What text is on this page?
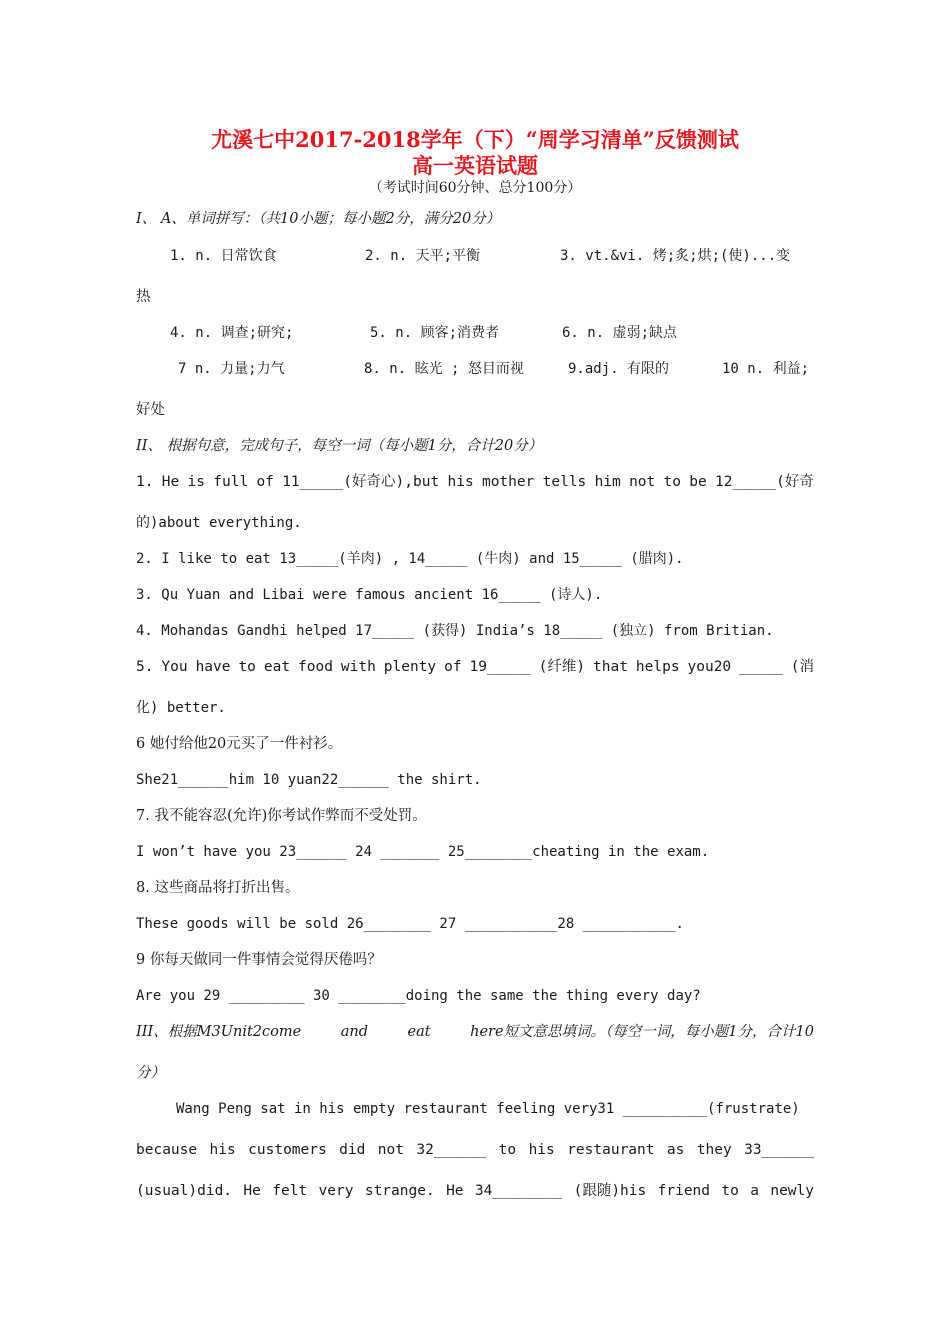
尤溪七中2017-2018学年（下）“周学习清单”反馈测试
高一英语试题
（考试时间60分钟、总分100分）
I、 A、单词拼写：（共10小题；每小题2分，满分20分）
1. n. 日常饮食	2. n. 天平;平衡	3. vt.&vi. 烤;炙;烘;(使)...变
热
4. n. 调查;研究;	5. n. 顾客;消费者	6. n. 虚弱;缺点
7 n. 力量;力气	8. n. 眩光 ; 怒目而视	9.adj. 有限的	10 n. 利益;
好处
II、 根据句意，完成句子，每空一词（每小题1分，合计20分）
1. He is full of 11_____(好奇心),but his mother tells him not to be 12_____(好奇
的)about everything.
2. I like to eat 13_____(羊肉) , 14_____ (牛肉) and 15_____ (腊肉).
3. Qu Yuan and Libai were famous ancient 16_____ (诗人).
4. Mohandas Gandhi helped 17_____ (获得) India’s 18_____ (独立) from Britian.
5. You have to eat food with plenty of 19_____ (纤维) that helps you20 _____ (消
化) better.
6 她付给他20元买了一件衬衫。
She21______him 10 yuan22______ the shirt.
7. 我不能容忍(允许)你考试作弊而不受处罚。
I won’t have you 23______ 24 _______ 25________cheating in the exam.
8. 这些商品将打折出售。
These goods will be sold 26________ 27 ___________28 ___________.
9 你每天做同一件事情会觉得厌倦吗？
Are you 29 _________ 30 ________doing the same the thing every day?
III、根据M3Unit2come	and	eat	here短文意思填词。（每空一词，每小题1分，合计10
分）
Wang Peng sat in his empty restaurant feeling very31 __________(frustrate)
because his customers did not 32______ to his restaurant as they 33______
(usual)did. He felt very strange. He 34________ (跟随)his friend to a newly
